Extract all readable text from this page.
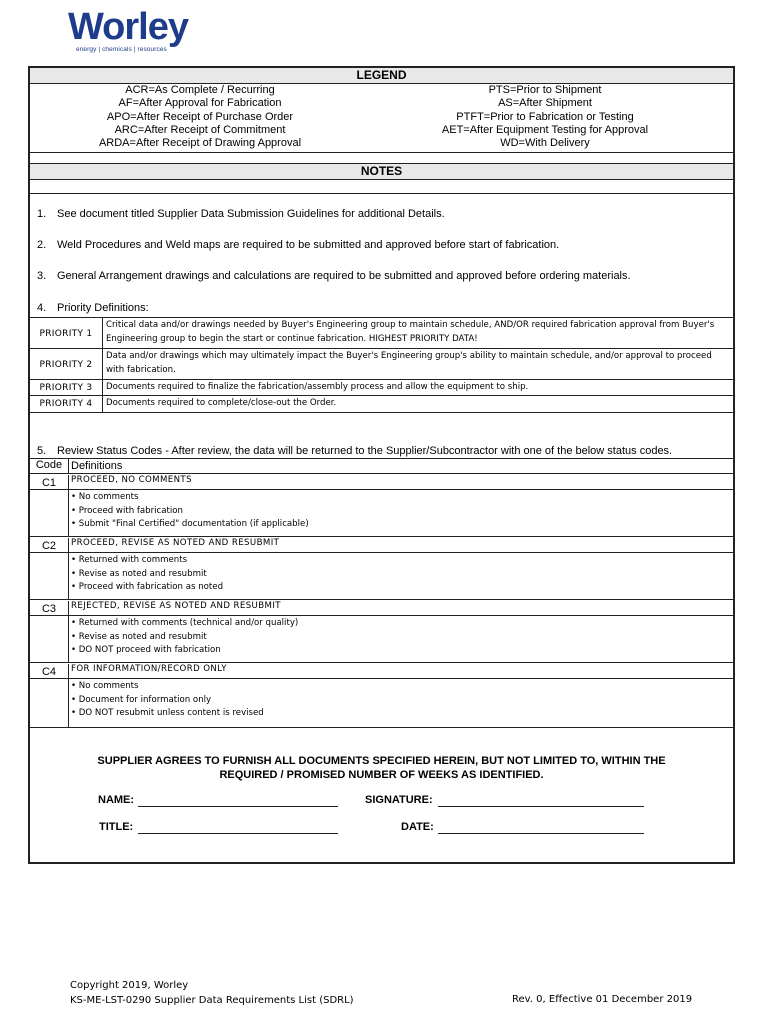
Worley
energy | chemicals | resources
LEGEND
ACR=As Complete / Recurring
AF=After Approval for Fabrication
APO=After Receipt of Purchase Order
ARC=After Receipt of Commitment
ARDA=After Receipt of Drawing Approval
PTS=Prior to Shipment
AS=After Shipment
PTFT=Prior to Fabrication or Testing
AET=After Equipment Testing for Approval
WD=With Delivery
NOTES
1. See document titled Supplier Data Submission Guidelines for additional Details.
2. Weld Procedures and Weld maps are required to be submitted and approved before start of fabrication.
3. General Arrangement drawings and calculations are required to be submitted and approved before ordering materials.
4. Priority Definitions:
PRIORITY 1
Critical data and/or drawings needed by Buyer's Engineering group to maintain schedule, AND/OR required fabrication approval from Buyer's Engineering group to begin the start or continue fabrication. HIGHEST PRIORITY DATA!
PRIORITY 2
Data and/or drawings which may ultimately impact the Buyer's Engineering group's ability to maintain schedule, and/or approval to proceed with fabrication.
PRIORITY 3	Documents required to finalize the fabrication/assembly process and allow the equipment to ship.
PRIORITY 4	Documents required to complete/close-out the Order.
5. Review Status Codes - After review, the data will be returned to the Supplier/Subcontractor with one of the below status codes.
Code Definitions
C1	PROCEED, NO COMMENTS
• No comments
• Proceed with fabrication
• Submit "Final Certified" documentation (if applicable)
C2	PROCEED, REVISE AS NOTED AND RESUBMIT
• Returned with comments
• Revise as noted and resubmit
• Proceed with fabrication as noted
C3	REJECTED, REVISE AS NOTED AND RESUBMIT
• Returned with comments (technical and/or quality)
• Revise as noted and resubmit
• DO NOT proceed with fabrication
C4	FOR INFORMATION/RECORD ONLY
• No comments
• Document for information only
• DO NOT resubmit unless content is revised
SUPPLIER AGREES TO FURNISH ALL DOCUMENTS SPECIFIED HEREIN, BUT NOT LIMITED TO, WITHIN THE
REQUIRED / PROMISED NUMBER OF WEEKS AS IDENTIFIED.
NAME:	SIGNATURE:
TITLE:	DATE:
Copyright 2019, Worley
KS-ME-LST-0290 Supplier Data Requirements List (SDRL)	Rev. 0, Effective 01 December 2019
